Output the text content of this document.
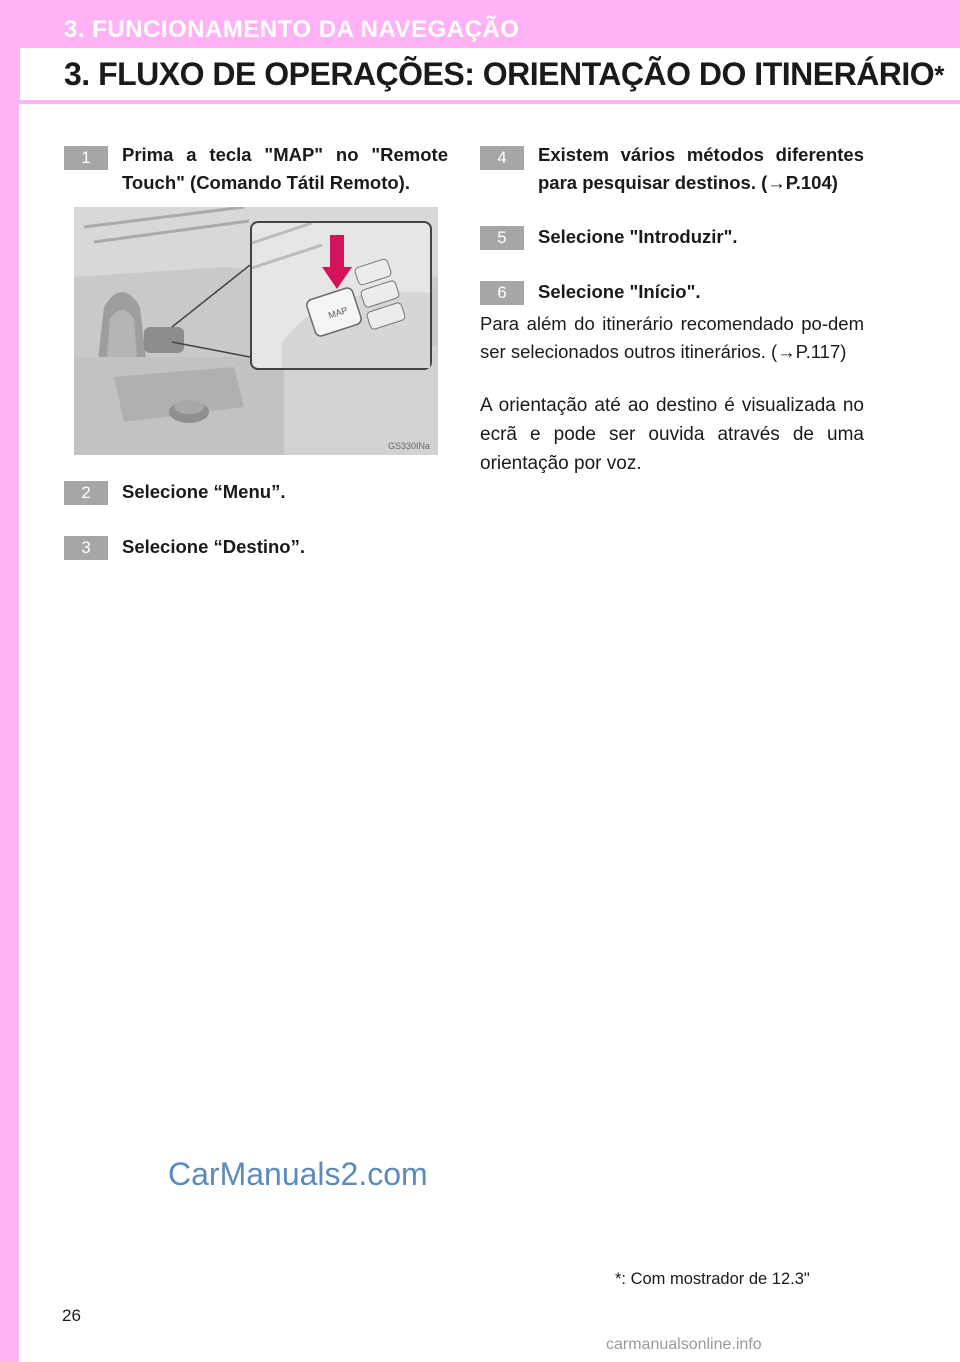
3. FUNCIONAMENTO DA NAVEGAÇÃO
3. FLUXO DE OPERAÇÕES: ORIENTAÇÃO DO ITINERÁRIO*
1	Prima a tecla "MAP" no "Remote Touch" (Comando Tátil Remoto).
MAP
GS330INa
2	Selecione “Menu”.
3	Selecione “Destino”.
4	Existem vários métodos diferentes para pesquisar destinos. (→P.104)
5	Selecione "Introduzir".
6	Selecione "Início".
Para além do itinerário recomendado po-dem ser selecionados outros itinerários. (→P.117)
A orientação até ao destino é visualizada no ecrã e pode ser ouvida através de uma orientação por voz.
CarManuals2.com
*: Com mostrador de 12.3"
26
carmanualsonline.info
